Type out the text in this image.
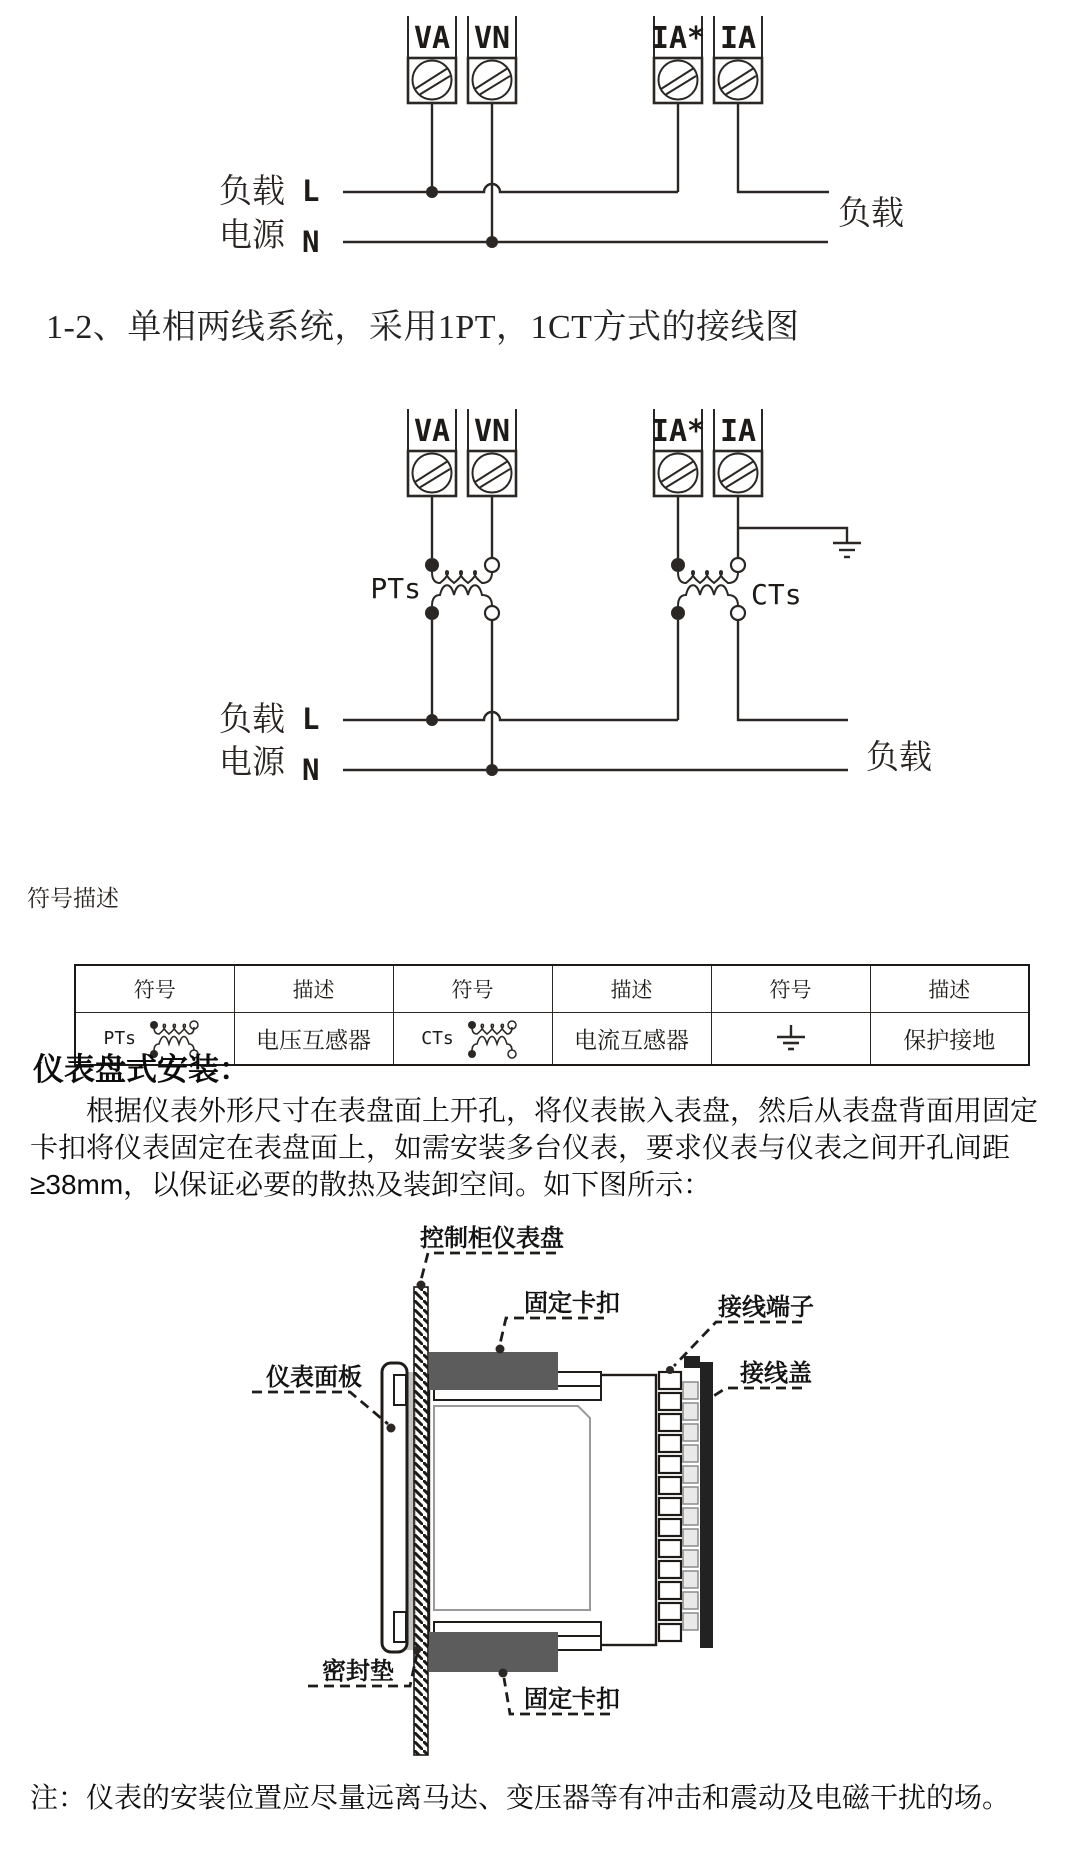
VA VN	IA* IA
负载
电源
L
N
负载
1-2、单相两线系统，采用1PT，1CT方式的接线图
VA VN	IA* IA
PTs	CTs
负载
电源
L
N	负载
符号描述
符号	描述	符号	描述	符号	描述

PTs	电压互感器	CTs	电流互感器		保护接地
仪表盘式安装：
根据仪表外形尺寸在表盘面上开孔，将仪表嵌入表盘，然后从表盘背面用固定卡扣将仪表固定在表盘面上，如需安装多台仪表，要求仪表与仪表之间开孔间距≥38mm，以保证必要的散热及装卸空间。如下图所示：
控制柜仪表盘
固定卡扣	接线端子
接线盖
仪表面板
密封垫
固定卡扣
注：仪表的安装位置应尽量远离马达、变压器等有冲击和震动及电磁干扰的场。
